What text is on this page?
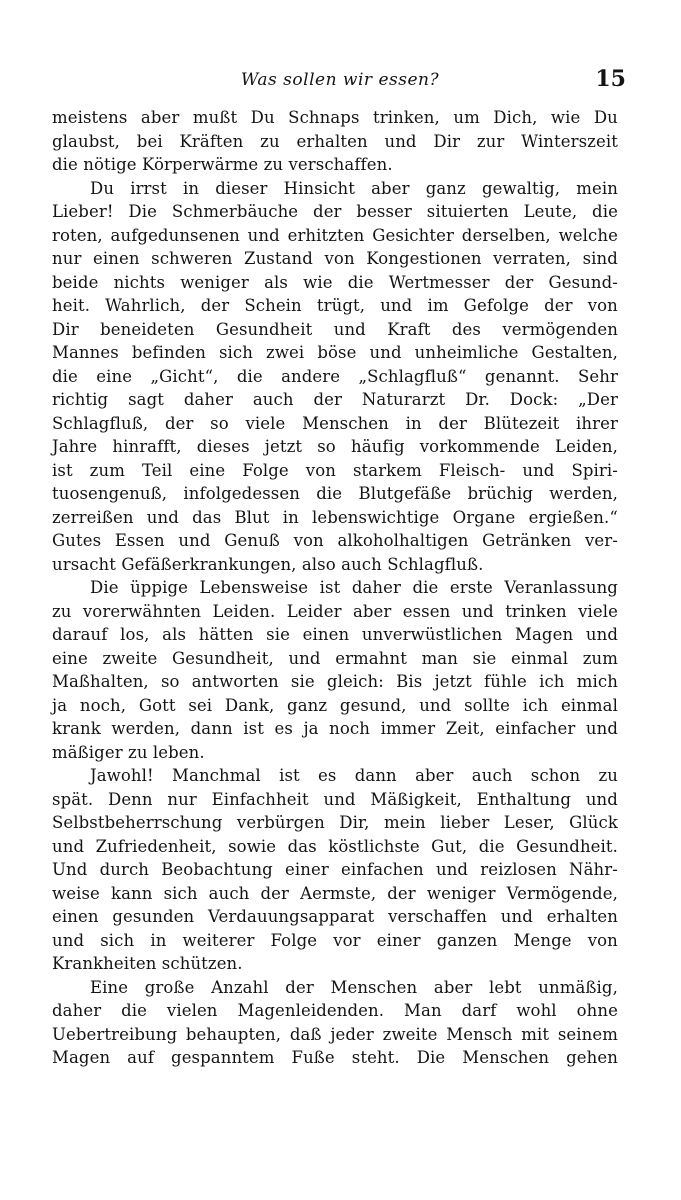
Was sollen wir essen?	15
meistens aber mußt Du Schnaps trinken, um Dich, wie Du
glaubst, bei Kräften zu erhalten und Dir zur Winterszeit
die nötige Körperwärme zu verschaffen.
Du irrst in dieser Hinsicht aber ganz gewaltig, mein
Lieber! Die Schmerbäuche der besser situierten Leute, die
roten, aufgedunsenen und erhitzten Gesichter derselben, welche
nur einen schweren Zustand von Kongestionen verraten, sind
beide nichts weniger als wie die Wertmesser der Gesund-
heit. Wahrlich, der Schein trügt, und im Gefolge der von
Dir beneideten Gesundheit und Kraft des vermögenden
Mannes befinden sich zwei böse und unheimliche Gestalten,
die eine „Gicht“, die andere „Schlagfluß“ genannt. Sehr
richtig sagt daher auch der Naturarzt Dr. Dock: „Der
Schlagfluß, der so viele Menschen in der Blütezeit ihrer
Jahre hinrafft, dieses jetzt so häufig vorkommende Leiden,
ist zum Teil eine Folge von starkem Fleisch- und Spiri-
tuosengenuß, infolgedessen die Blutgefäße brüchig werden,
zerreißen und das Blut in lebenswichtige Organe ergießen.“
Gutes Essen und Genuß von alkoholhaltigen Getränken ver-
ursacht Gefäßerkrankungen, also auch Schlagfluß.
Die üppige Lebensweise ist daher die erste Veranlassung
zu vorerwähnten Leiden. Leider aber essen und trinken viele
darauf los, als hätten sie einen unverwüstlichen Magen und
eine zweite Gesundheit, und ermahnt man sie einmal zum
Maßhalten, so antworten sie gleich: Bis jetzt fühle ich mich
ja noch, Gott sei Dank, ganz gesund, und sollte ich einmal
krank werden, dann ist es ja noch immer Zeit, einfacher und
mäßiger zu leben.
Jawohl! Manchmal ist es dann aber auch schon zu
spät. Denn nur Einfachheit und Mäßigkeit, Enthaltung und
Selbstbeherrschung verbürgen Dir, mein lieber Leser, Glück
und Zufriedenheit, sowie das köstlichste Gut, die Gesundheit.
Und durch Beobachtung einer einfachen und reizlosen Nähr-
weise kann sich auch der Aermste, der weniger Vermögende,
einen gesunden Verdauungsapparat verschaffen und erhalten
und sich in weiterer Folge vor einer ganzen Menge von
Krankheiten schützen.
Eine große Anzahl der Menschen aber lebt unmäßig,
daher die vielen Magenleidenden. Man darf wohl ohne
Uebertreibung behaupten, daß jeder zweite Mensch mit seinem
Magen auf gespanntem Fuße steht. Die Menschen gehen
